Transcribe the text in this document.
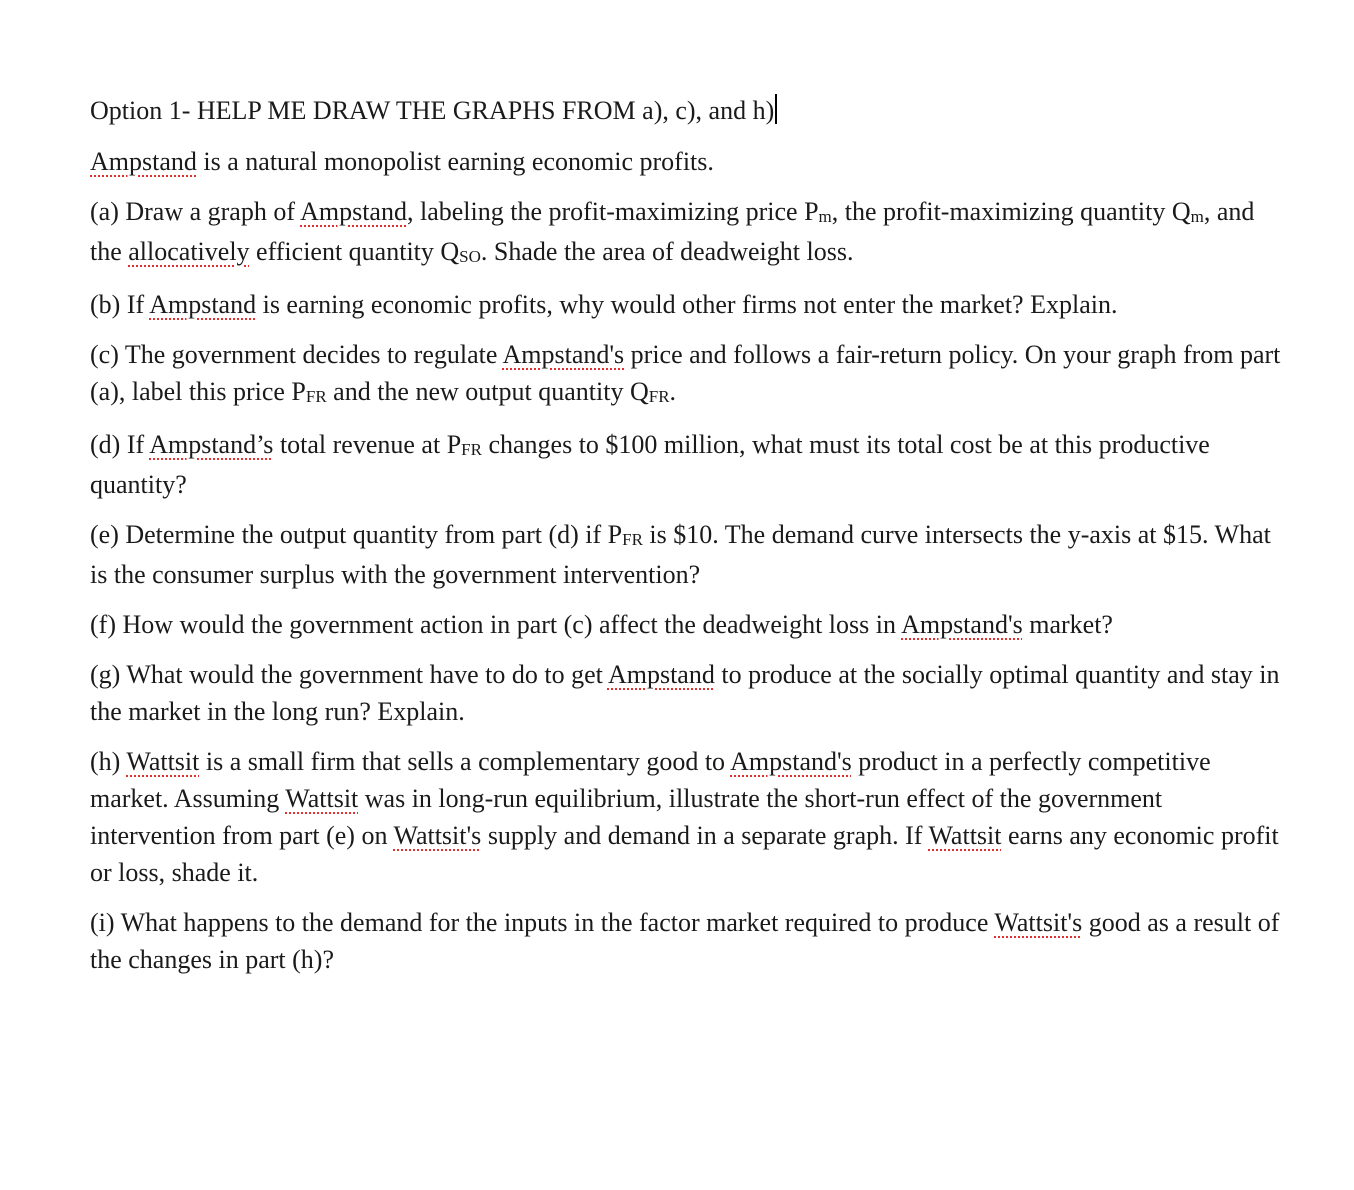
Option 1- HELP ME DRAW THE GRAPHS FROM a), c), and h)

Ampstand is a natural monopolist earning economic profits.

(a) Draw a graph of Ampstand, labeling the profit-maximizing price Pm, the profit-maximizing quantity Qm, and the allocatively efficient quantity QSO. Shade the area of deadweight loss.

(b) If Ampstand is earning economic profits, why would other firms not enter the market? Explain.

(c) The government decides to regulate Ampstand's price and follows a fair-return policy. On your graph from part (a), label this price PFR and the new output quantity QFR.

(d) If Ampstand’s total revenue at PFR changes to $100 million, what must its total cost be at this productive quantity?

(e) Determine the output quantity from part (d) if PFR is $10. The demand curve intersects the y-axis at $15. What is the consumer surplus with the government intervention?

(f) How would the government action in part (c) affect the deadweight loss in Ampstand's market?

(g) What would the government have to do to get Ampstand to produce at the socially optimal quantity and stay in the market in the long run? Explain.

(h) Wattsit is a small firm that sells a complementary good to Ampstand's product in a perfectly competitive market. Assuming Wattsit was in long-run equilibrium, illustrate the short-run effect of the government intervention from part (e) on Wattsit's supply and demand in a separate graph. If Wattsit earns any economic profit or loss, shade it.

(i) What happens to the demand for the inputs in the factor market required to produce Wattsit's good as a result of the changes in part (h)?
